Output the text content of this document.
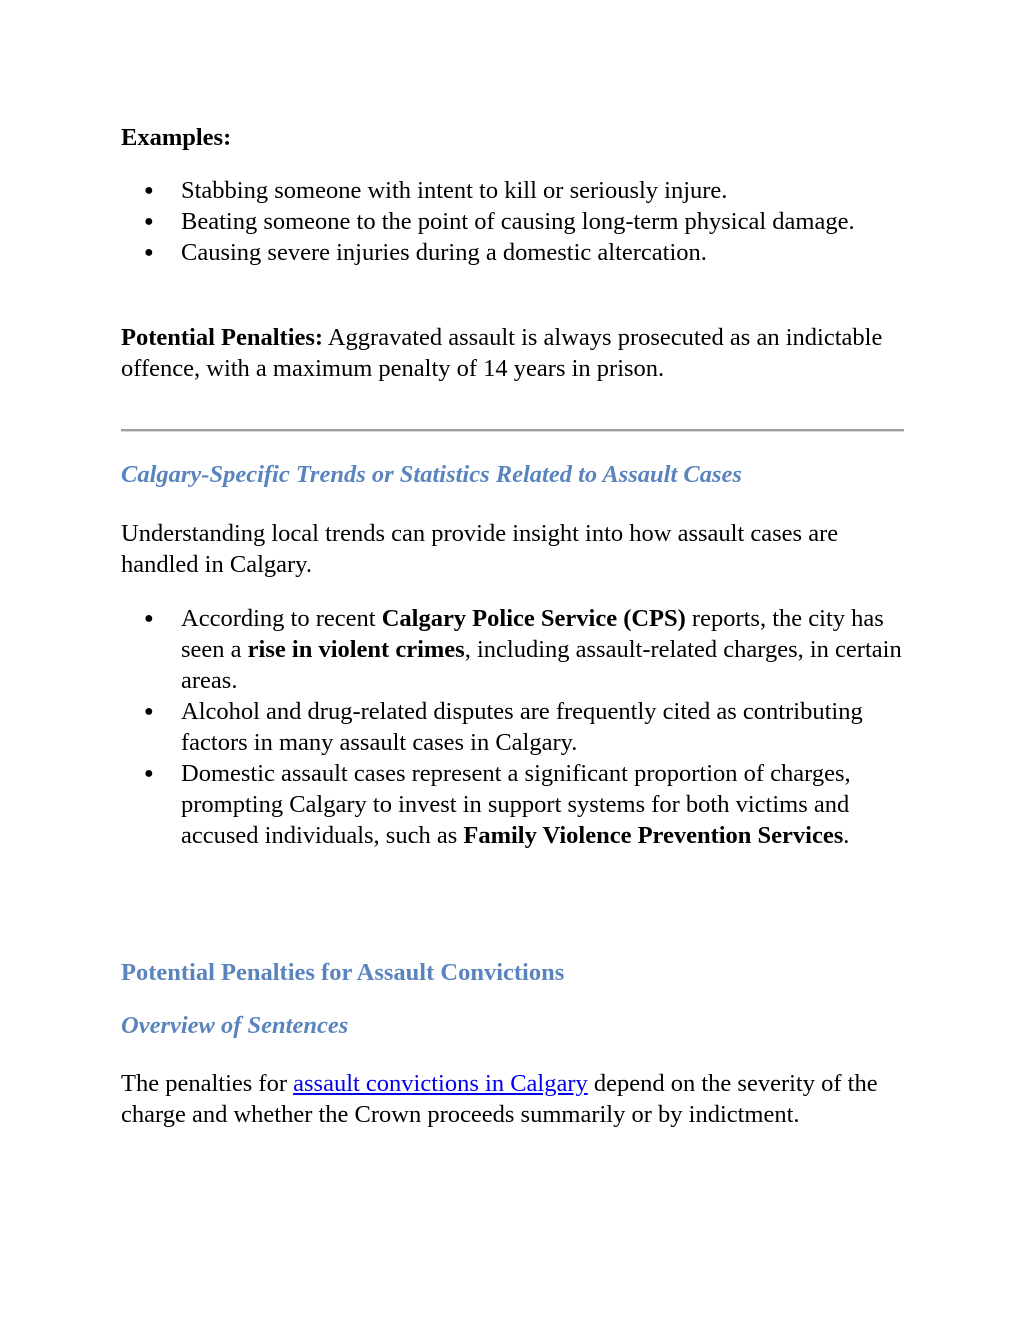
Examples:
● Stabbing someone with intent to kill or seriously injure.
● Beating someone to the point of causing long-term physical damage.
● Causing severe injuries during a domestic altercation.

Potential Penalties: Aggravated assault is always prosecuted as an indictable offence, with a maximum penalty of 14 years in prison.

Calgary-Specific Trends or Statistics Related to Assault Cases

Understanding local trends can provide insight into how assault cases are handled in Calgary.

● According to recent Calgary Police Service (CPS) reports, the city has seen a rise in violent crimes, including assault-related charges, in certain areas.
● Alcohol and drug-related disputes are frequently cited as contributing factors in many assault cases in Calgary.
● Domestic assault cases represent a significant proportion of charges, prompting Calgary to invest in support systems for both victims and accused individuals, such as Family Violence Prevention Services.
Potential Penalties for Assault Convictions
Overview of Sentences

The penalties for assault convictions in Calgary depend on the severity of the charge and whether the Crown proceeds summarily or by indictment.
